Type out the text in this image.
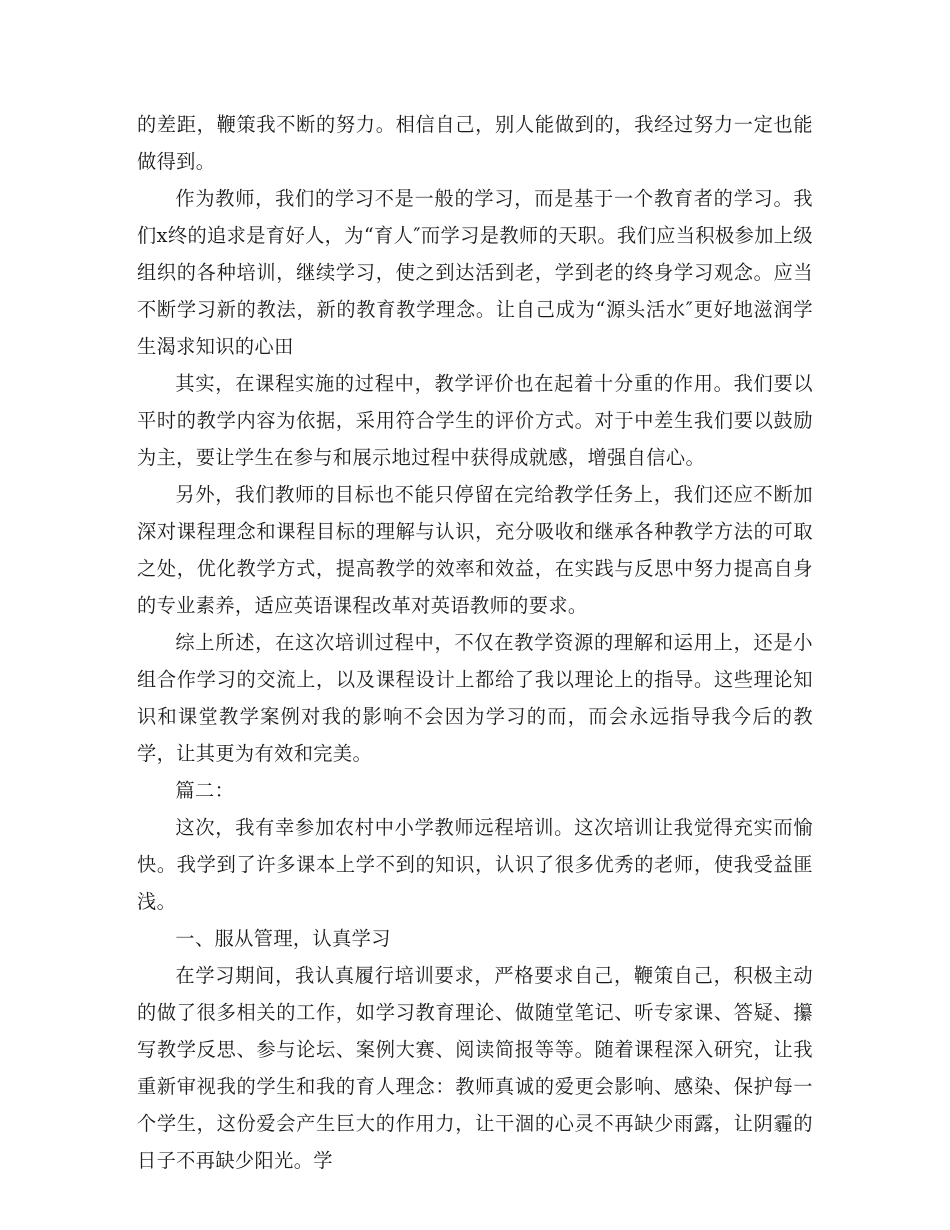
的差距，鞭策我不断的努力。相信自己，别人能做到的，我经过努力一定也能做得到。

作为教师，我们的学习不是一般的学习，而是基于一个教育者的学习。我们x终的追求是育好人，为“育人″而学习是教师的天职。我们应当积极参加上级组织的各种培训，继续学习，使之到达活到老，学到老的终身学习观念。应当不断学习新的教法，新的教育教学理念。让自己成为“源头活水″更好地滋润学生渴求知识的心田

其实，在课程实施的过程中，教学评价也在起着十分重的作用。我们要以平时的教学内容为依据，采用符合学生的评价方式。对于中差生我们要以鼓励为主，要让学生在参与和展示地过程中获得成就感，增强自信心。

另外，我们教师的目标也不能只停留在完给教学任务上，我们还应不断加深对课程理念和课程目标的理解与认识，充分吸收和继承各种教学方法的可取之处，优化教学方式，提高教学的效率和效益，在实践与反思中努力提高自身的专业素养，适应英语课程改革对英语教师的要求。

综上所述，在这次培训过程中，不仅在教学资源的理解和运用上，还是小组合作学习的交流上，以及课程设计上都给了我以理论上的指导。这些理论知识和课堂教学案例对我的影响不会因为学习的而，而会永远指导我今后的教学，让其更为有效和完美。

篇二：

这次，我有幸参加农村中小学教师远程培训。这次培训让我觉得充实而愉快。我学到了许多课本上学不到的知识，认识了很多优秀的老师，使我受益匪浅。

一、服从管理，认真学习

在学习期间，我认真履行培训要求，严格要求自己，鞭策自己，积极主动的做了很多相关的工作，如学习教育理论、做随堂笔记、听专家课、答疑、攥写教学反思、参与论坛、案例大赛、阅读简报等等。随着课程深入研究，让我重新审视我的学生和我的育人理念：教师真诚的爱更会影响、感染、保护每一个学生，这份爱会产生巨大的作用力，让干涸的心灵不再缺少雨露，让阴霾的日子不再缺少阳光。学
